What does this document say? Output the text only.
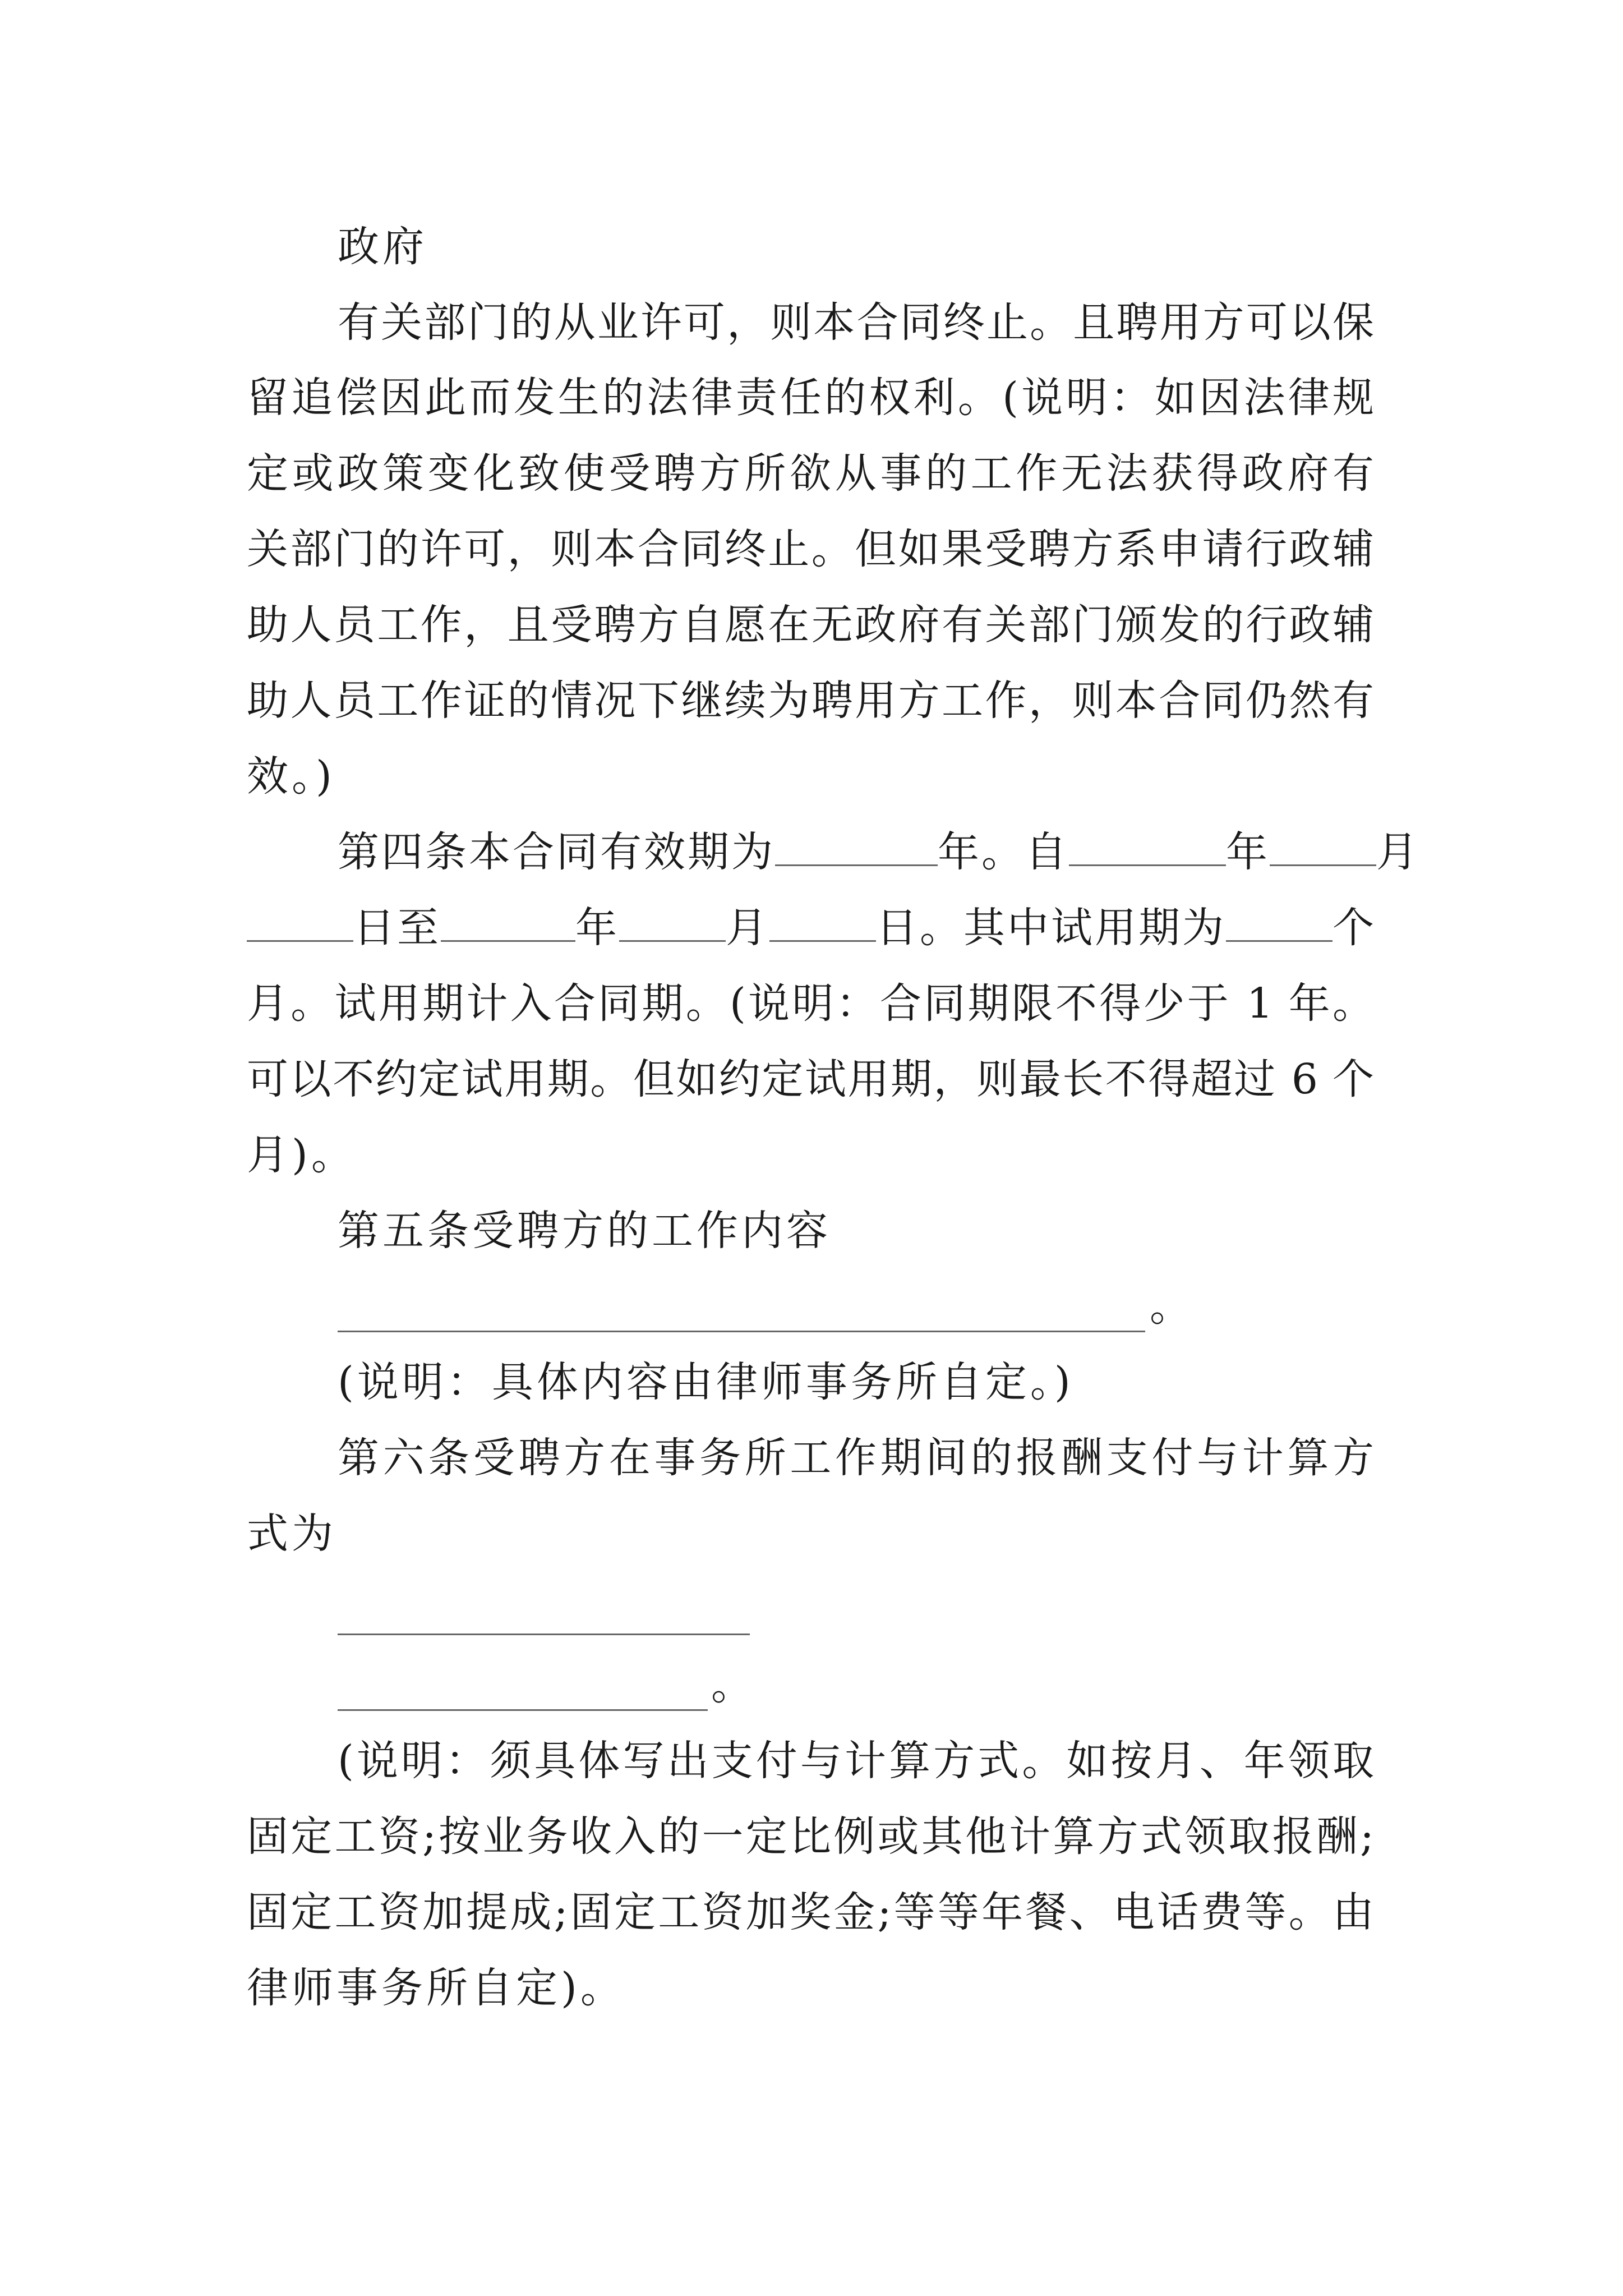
政府
有关部门的从业许可，则本合同终止。且聘用方可以保
留追偿因此而发生的法律责任的权利。(说明：如因法律规
定或政策变化致使受聘方所欲从事的工作无法获得政府有
关部门的许可，则本合同终止。但如果受聘方系申请行政辅
助人员工作，且受聘方自愿在无政府有关部门颁发的行政辅
助人员工作证的情况下继续为聘用方工作，则本合同仍然有
效。)
第四条本合同有效期为	年。自	年	月
日至	年	月	日。其中试用期为	个
月。试用期计入合同期。(说明：合同期限不得少于 1 年。
可以不约定试用期。但如约定试用期，则最长不得超过 6 个
月)。
第五条受聘方的工作内容
。
(说明：具体内容由律师事务所自定。)
第六条受聘方在事务所工作期间的报酬支付与计算方
式为
。
(说明：须具体写出支付与计算方式。如按月、年领取
固定工资;按业务收入的一定比例或其他计算方式领取报酬;
固定工资加提成;固定工资加奖金;等等年餐、电话费等。由
律师事务所自定)。
